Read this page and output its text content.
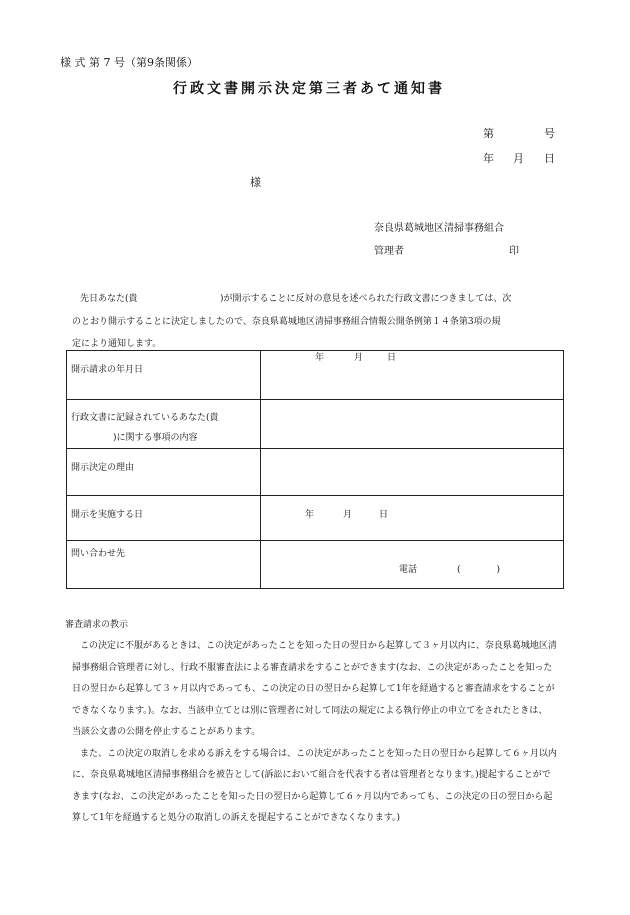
様 式 第 7 号（第9条関係）
行政文書開示決定第三者あて通知書
第	号
年 月 日
様
奈良県葛城地区清掃事務組合
管理者	印
先日あなた(貴	)が開示することに反対の意見を述べられた行政文書につきましては、次
のとおり開示することに決定しましたので、奈良県葛城地区清掃事務組合情報公開条例第１４条第3項の規
定により通知します。
開示請求の年月日	年 月 日

行政文書に記録されているあなた(貴
)に関する事項の内容	

開示決定の理由	

開示を実施する日	年 月 日

問い合わせ先	電話 (　　　　)
審査請求の教示
この決定に不服があるときは、この決定があったことを知った日の翌日から起算して３ヶ月以内に、奈良県葛城地区清
掃事務組合管理者に対し、行政不服審査法による審査請求をすることができます(なお、この決定があったことを知った
日の翌日から起算して３ヶ月以内であっても、この決定の日の翌日から起算して1年を経過すると審査請求をすることが
できなくなります。)。なお、当該申立てとは別に管理者に対して同法の規定による執行停止の申立てをされたときは、
当該公文書の公開を停止することがあります。
また、この決定の取消しを求める訴えをする場合は、この決定があったことを知った日の翌日から起算して６ヶ月以内
に、奈良県葛城地区清掃事務組合を被告として(訴訟において組合を代表する者は管理者となります。)提起することがで
きます(なお、この決定があったことを知った日の翌日から起算して６ヶ月以内であっても、この決定の日の翌日から起
算して1年を経過すると処分の取消しの訴えを提起することができなくなります。)
